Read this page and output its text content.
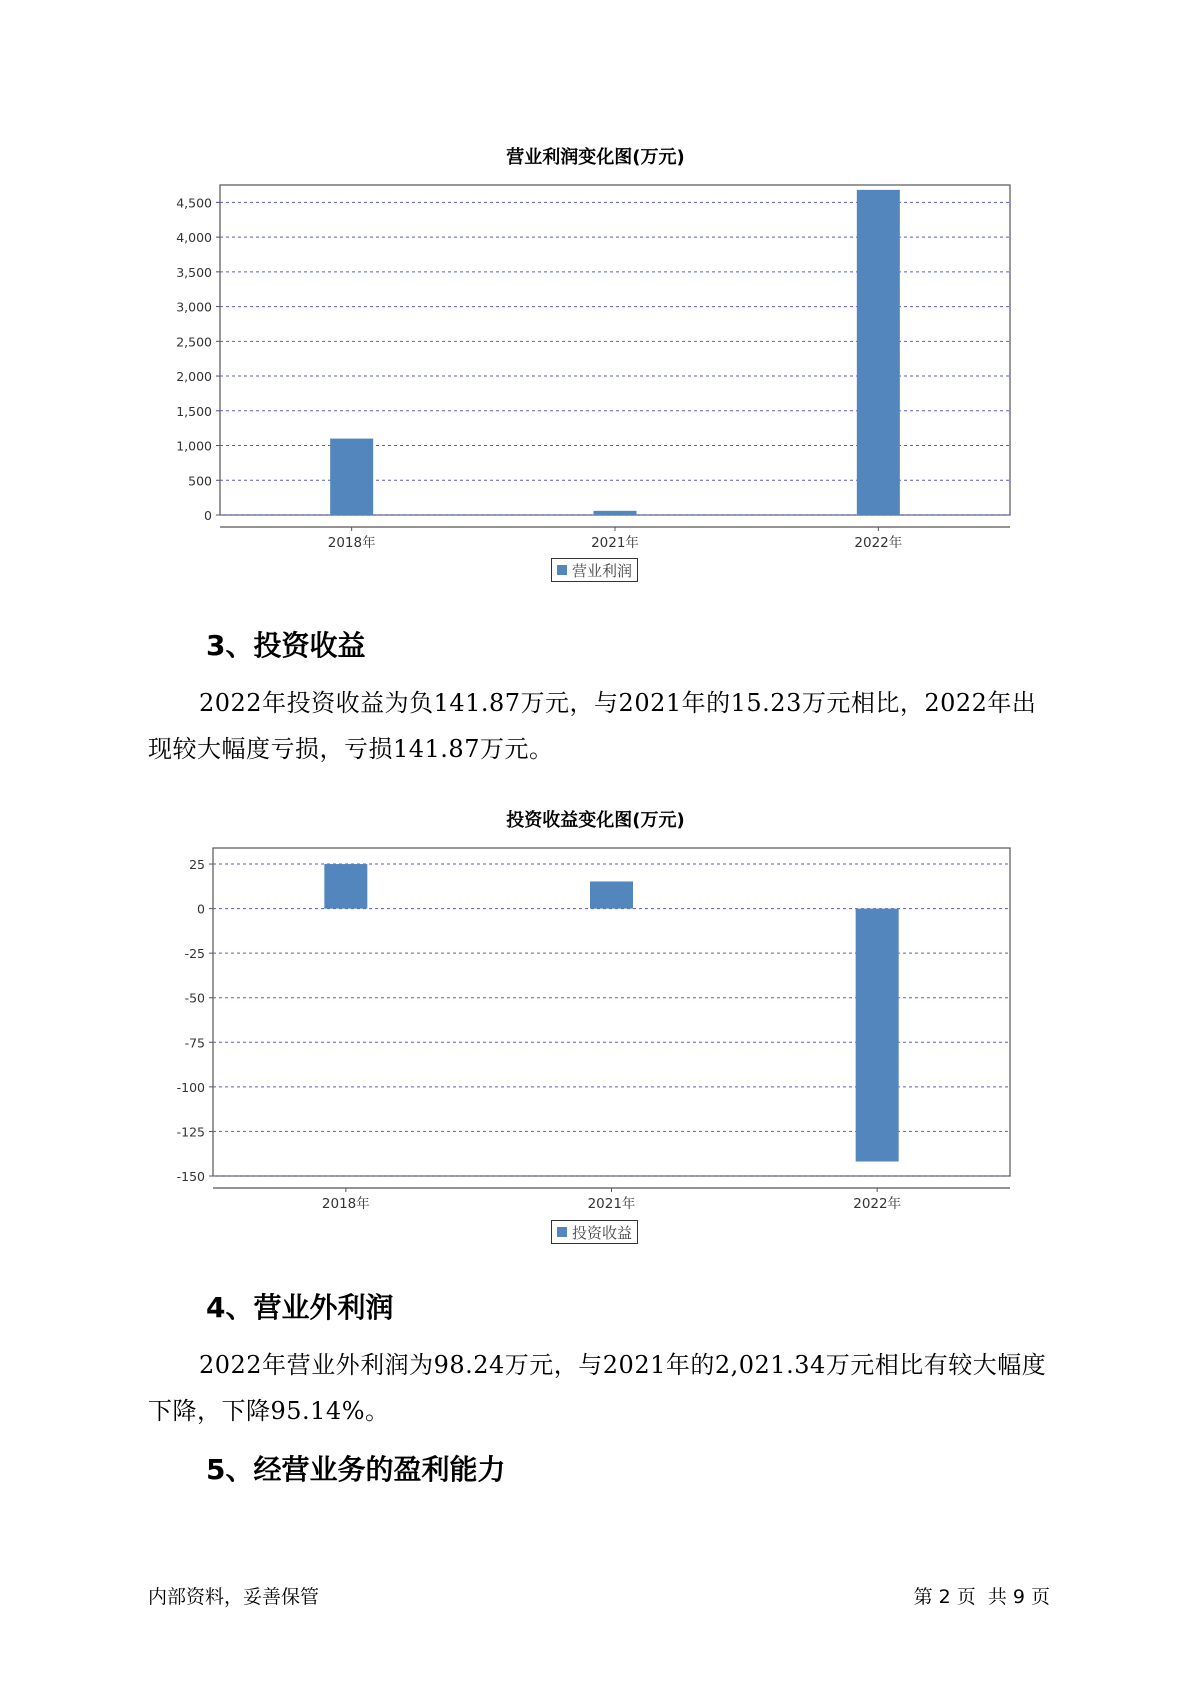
营业利润变化图(万元)
0
500
1,000
1,500
2,000
2,500
3,000
3,500
4,000
4,500
2018年	2021年	2022年
营业利润
3、投资收益

2022年投资收益为负141.87万元，与2021年的15.23万元相比，2022年出现较大幅度亏损，亏损141.87万元。

投资收益变化图(万元)
25
0
-25
-50
-75
-100
-125
-150
2018年	2021年	2022年
投资收益
4、营业外利润

2022年营业外利润为98.24万元，与2021年的2,021.34万元相比有较大幅度下降，下降95.14%。

5、经营业务的盈利能力
内部资料，妥善保管	第 2 页  共 9 页
